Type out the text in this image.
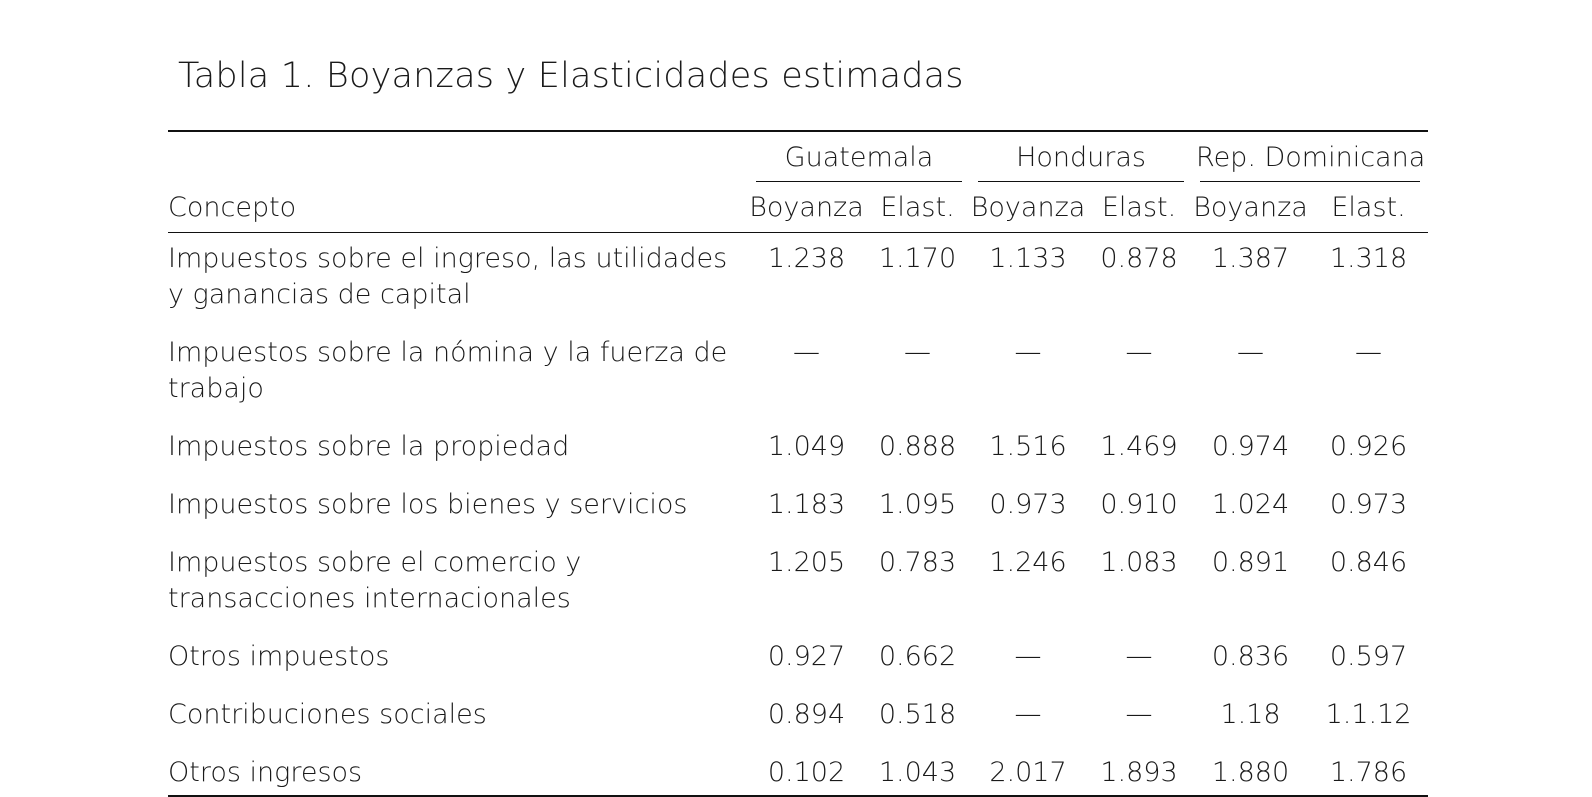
Tabla 1. Boyanzas y Elasticidades estimadas
	Guatemala		Honduras		Rep. Dominicana	
Concepto	Boyanza	Elast.	Boyanza	Elast.	Boyanza	Elast.
Impuestos sobre el ingreso, las utilidades y ganancias de capital	1.238	1.170	1.133	0.878	1.387	1.318
Impuestos sobre la nómina y la fuerza de trabajo	—	—	—	—	—	—
Impuestos sobre la propiedad	1.049	0.888	1.516	1.469	0.974	0.926
Impuestos sobre los bienes y servicios	1.183	1.095	0.973	0.910	1.024	0.973
Impuestos sobre el comercio y transacciones internacionales	1.205	0.783	1.246	1.083	0.891	0.846
Otros impuestos	0.927	0.662	—	—	0.836	0.597
Contribuciones sociales	0.894	0.518	—	—	1.18	1.1.12
Otros ingresos	0.102	1.043	2.017	1.893	1.880	1.786
